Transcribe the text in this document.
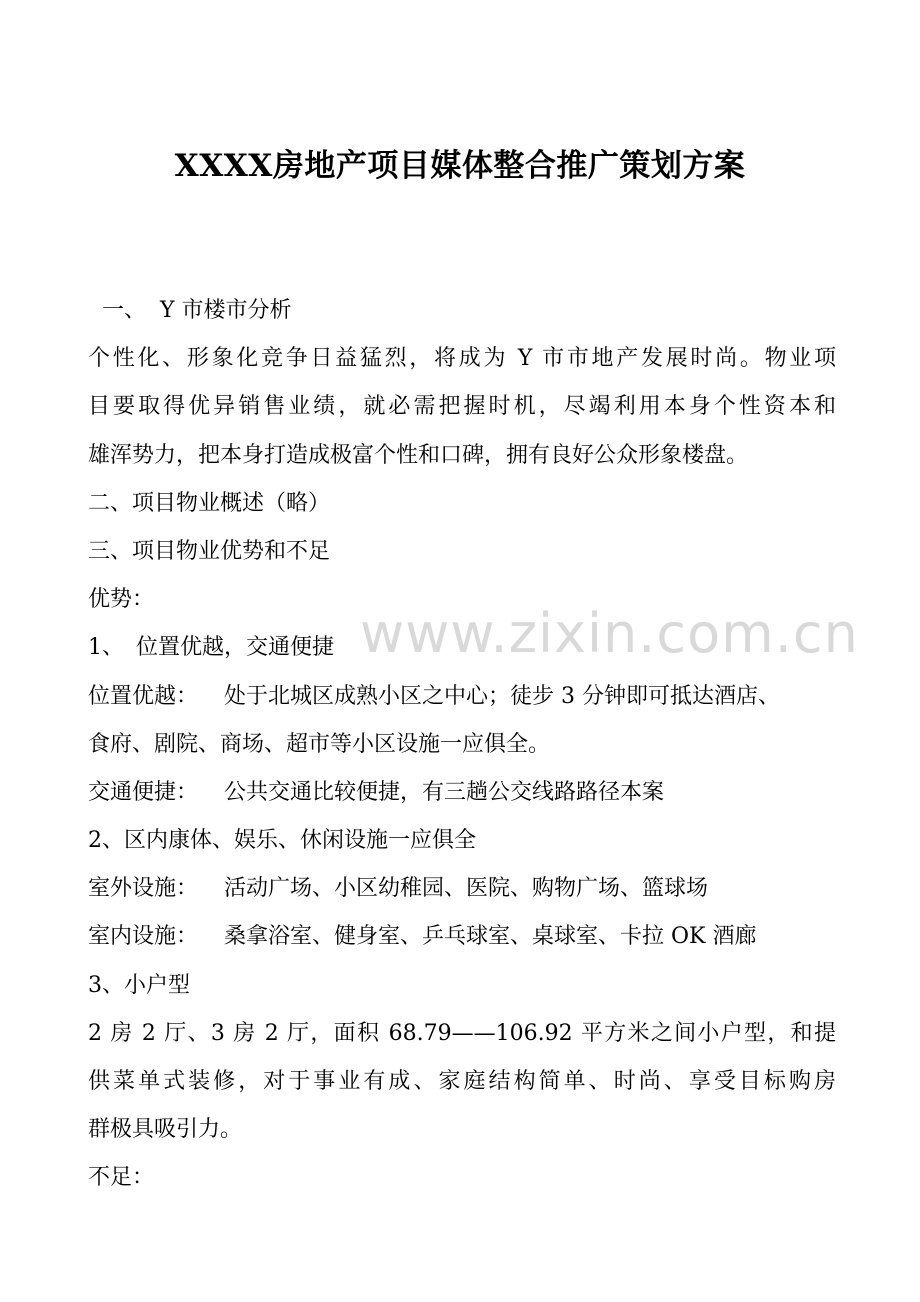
XXXX房地产项目媒体整合推广策划方案
一、 Y 市楼市分析
个性化、形象化竞争日益猛烈，将成为 Y 市市地产发展时尚。物业项
目要取得优异销售业绩，就必需把握时机，尽竭利用本身个性资本和
雄浑势力，把本身打造成极富个性和口碑，拥有良好公众形象楼盘。
二、项目物业概述（略）
三、项目物业优势和不足
优势：
1、 位置优越，交通便捷
位置优越： 处于北城区成熟小区之中心；徒步 3 分钟即可抵达酒店、
食府、剧院、商场、超市等小区设施一应俱全。
交通便捷： 公共交通比较便捷，有三趟公交线路路径本案
2、区内康体、娱乐、休闲设施一应俱全
室外设施： 活动广场、小区幼稚园、医院、购物广场、篮球场
室内设施： 桑拿浴室、健身室、乒乓球室、桌球室、卡拉 OK 酒廊
3、小户型
2 房 2 厅、3 房 2 厅，面积 68.79——106.92 平方米之间小户型，和提
供菜单式装修，对于事业有成、家庭结构简单、时尚、享受目标购房
群极具吸引力。
不足：
www.zixin.com.cn
